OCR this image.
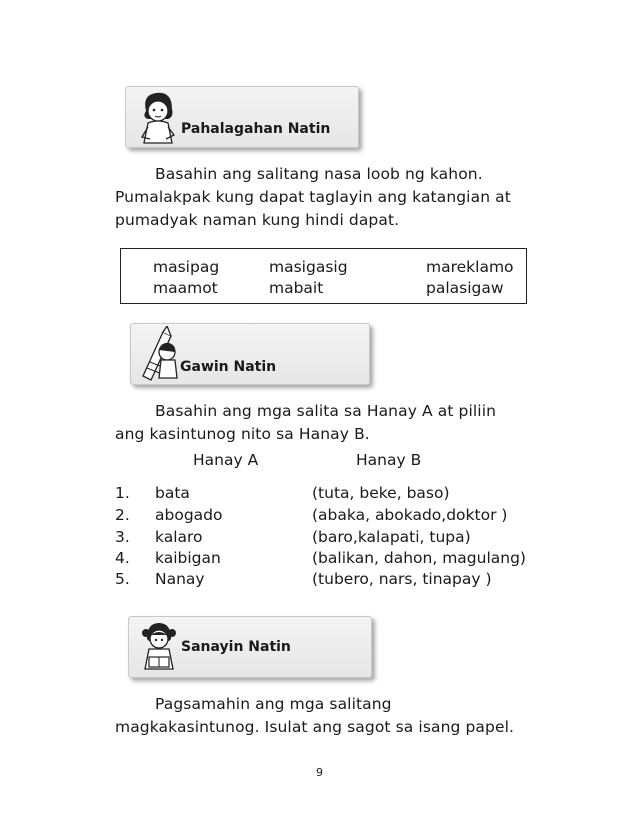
Pahalagahan Natin

Basahin ang salitang nasa loob ng kahon.
Pumalakpak kung dapat taglayin ang katangian at
pumadyak naman kung hindi dapat.

masipag	masigasig	mareklamo
maamot	mabait	palasigaw
Gawin Natin

Basahin ang mga salita sa Hanay A at piliin
ang kasintunog nito sa Hanay B.

Hanay A	Hanay B
1. bata	(tuta, beke, baso)
2. abogado	(abaka, abokado,doktor )
3. kalaro	(baro,kalapati, tupa)
4. kaibigan	(balikan, dahon, magulang)
5. Nanay	(tubero, nars, tinapay )
Sanayin Natin

Pagsamahin ang mga salitang
magkakasintunog. Isulat ang sagot sa isang papel.

9
